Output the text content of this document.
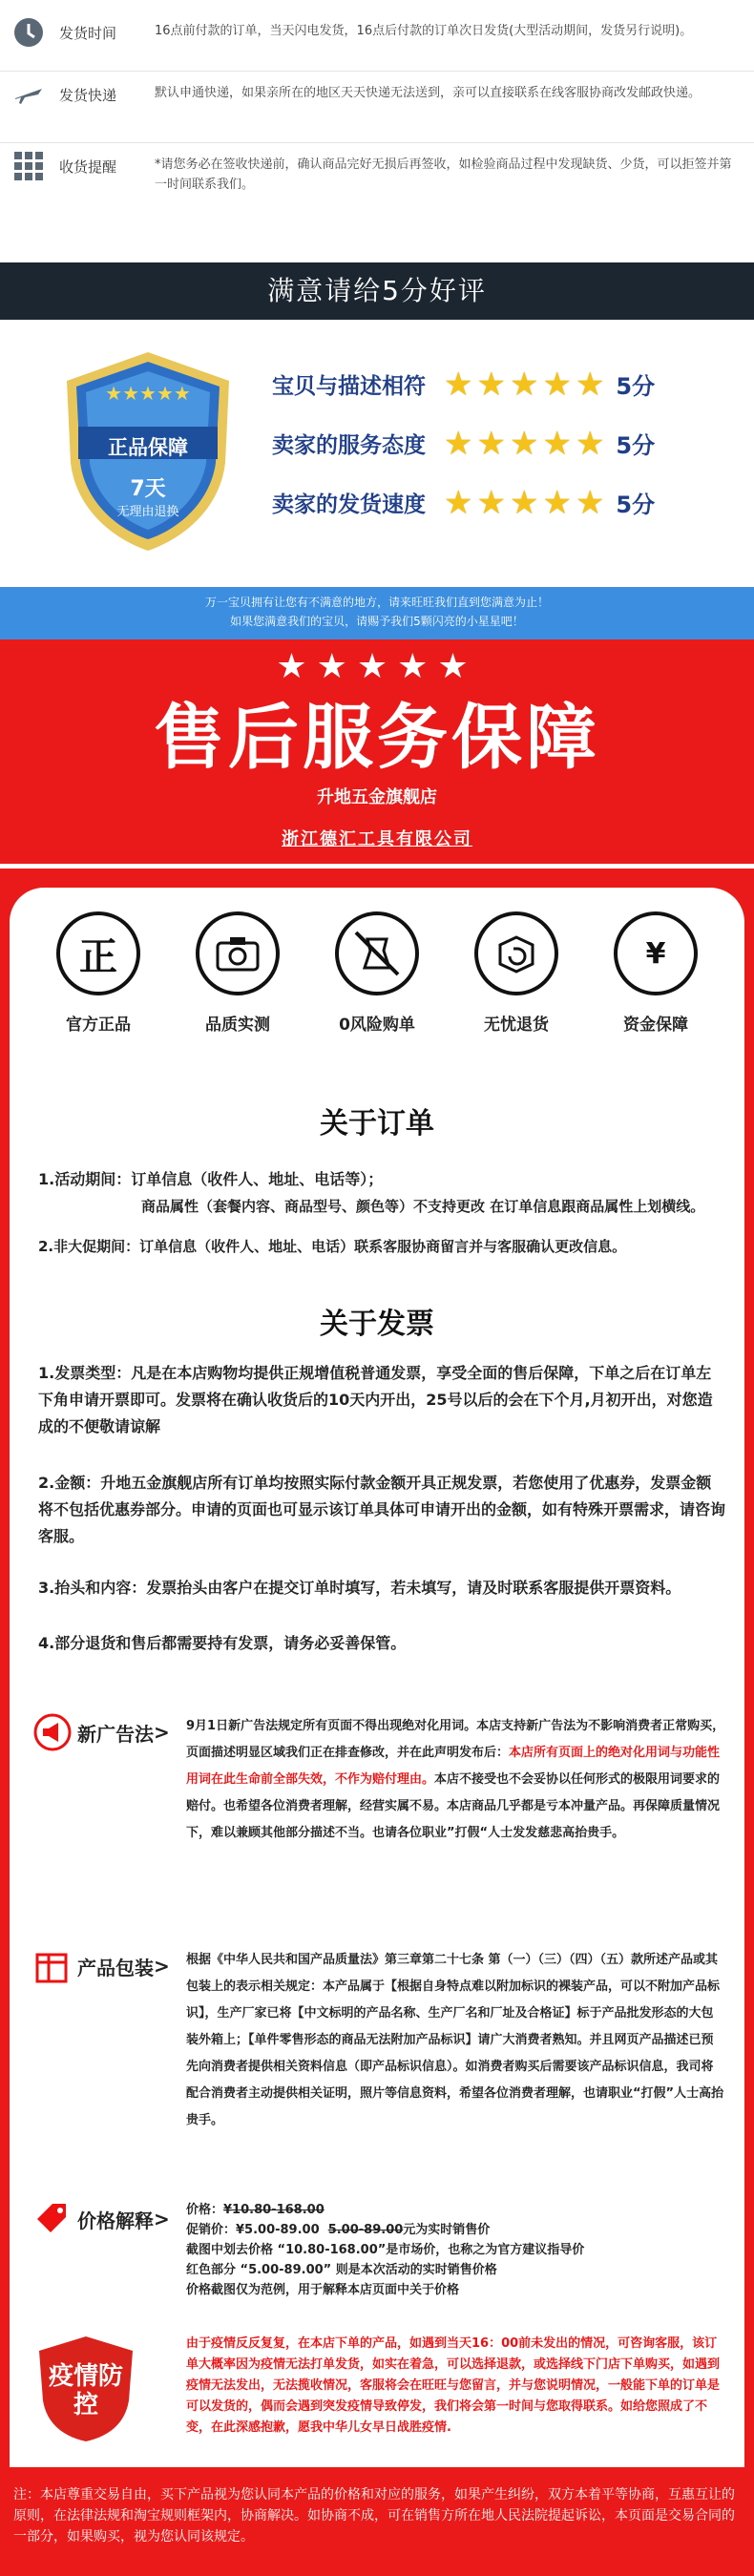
发货时间	16点前付款的订单，当天闪电发货，16点后付款的订单次日发货(大型活动期间，发货另行说明)。
发货快递	默认申通快递，如果亲所在的地区天天快递无法送到，亲可以直接联系在线客服协商改发邮政快递。
收货提醒	*请您务必在签收快递前，确认商品完好无损后再签收，如检验商品过程中发现缺货、少货，可以拒签并第一时间联系我们。
满意请给5分好评
★★★★★
正品保障
7天
无理由退换
宝贝与描述相符 ★ ★ ★ ★ ★ 5分
卖家的服务态度 ★ ★ ★ ★ ★ 5分
卖家的发货速度 ★ ★ ★ ★ ★ 5分
万一宝贝拥有让您有不满意的地方，请来旺旺我们直到您满意为止！
如果您满意我们的宝贝，请赐予我们5颗闪亮的小星星吧！
★★★★★
售后服务保障
升地五金旗舰店
浙江德汇工具有限公司
正
官方正品	品质实测	0风险购单	无忧退货
¥
资金保障
关于订单
1.活动期间：订单信息（收件人、地址、电话等）；
商品属性（套餐内容、商品型号、颜色等）不支持更改 在订单信息跟商品属性上划横线。
2.非大促期间：订单信息（收件人、地址、电话）联系客服协商留言并与客服确认更改信息。
关于发票
1.发票类型：凡是在本店购物均提供正规增值税普通发票，享受全面的售后保障，下单之后在订单左下角申请开票即可。发票将在确认收货后的10天内开出，25号以后的会在下个月,月初开出，对您造成的不便敬请谅解
2.金额：升地五金旗舰店所有订单均按照实际付款金额开具正规发票，若您使用了优惠券，发票金额将不包括优惠券部分。申请的页面也可显示该订单具体可申请开出的金额，如有特殊开票需求，请咨询客服。
3.抬头和内容：发票抬头由客户在提交订单时填写，若未填写，请及时联系客服提供开票资料。
4.部分退货和售后都需要持有发票，请务必妥善保管。
新广告法 > 9月1日新广告法规定所有页面不得出现绝对化用词。本店支持新广告法为不影响消费者正常购买，页面描述明显区域我们正在排查修改，并在此声明发布后：本店所有页面上的绝对化用词与功能性用词在此生命前全部失效，不作为赔付理由。本店不接受也不会妥协以任何形式的极限用词要求的赔付。也希望各位消费者理解，经营实属不易。本店商品几乎都是亏本冲量产品。再保障质量情况下，难以兼顾其他部分描述不当。也请各位职业”打假“人士发发慈悲高抬贵手。
产品包装 > 根据《中华人民共和国产品质量法》第三章第二十七条 第（一）（三）（四）（五）款所述产品或其包装上的表示相关规定：本产品属于【根据自身特点难以附加标识的裸装产品，可以不附加产品标识】，生产厂家已将【中文标明的产品名称、生产厂名和厂址及合格证】标于产品批发形态的大包装外箱上；【单件零售形态的商品无法附加产品标识】请广大消费者熟知。并且网页产品描述已预先向消费者提供相关资料信息（即产品标识信息）。如消费者购买后需要该产品标识信息，我司将配合消费者主动提供相关证明，照片等信息资料，希望各位消费者理解，也请职业“打假”人士高抬贵手。
价格解释 > 价格：¥10.80-168.00
促销价：¥5.00-89.00 5.00-89.00元为实时销售价
截图中划去价格 “10.80-168.00”是市场价，也称之为官方建议指导价
红色部分 “5.00-89.00” 则是本次活动的实时销售价格
价格截图仅为范例，用于解释本店页面中关于价格
疫情防控
由于疫情反反复复，在本店下单的产品，如遇到当天16：00前未发出的情况，可咨询客服，该订单大概率因为疫情无法打单发货，如实在着急，可以选择退款，或选择线下门店下单购买，如遇到疫情无法发出，无法揽收情况，客服将会在旺旺与您留言，并与您说明情况，一般能下单的订单是可以发货的，偶而会遇到突发疫情导致停发，我们将会第一时间与您取得联系。如给您照成了不变，在此深感抱歉，愿我中华儿女早日战胜疫情.
注：本店尊重交易自由，买下产品视为您认同本产品的价格和对应的服务，如果产生纠纷，双方本着平等协商，互惠互让的原则，在法律法规和淘宝规则框架内，协商解决。如协商不成，可在销售方所在地人民法院提起诉讼，本页面是交易合同的一部分，如果购买，视为您认同该规定。
